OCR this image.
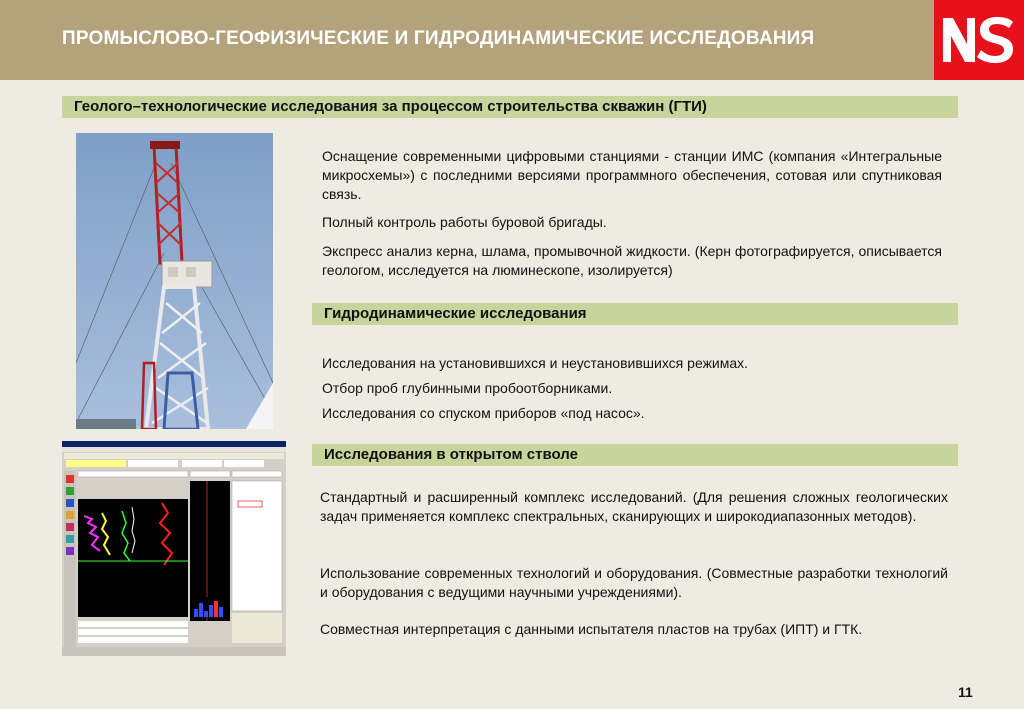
ПРОМЫСЛОВО-ГЕОФИЗИЧЕСКИЕ И ГИДРОДИНАМИЧЕСКИЕ ИССЛЕДОВАНИЯ
Геолого–технологические исследования за процессом строительства скважин (ГТИ)
Оснащение современными цифровыми станциями - станции ИМС (компания «Интегральные микросхемы») с последними версиями программного обеспечения, сотовая или спутниковая связь.
Полный контроль работы буровой бригады.
Экспресс анализ керна, шлама, промывочной жидкости. (Керн фотографируется, описывается геологом, исследуется на люминескопе, изолируется)
Гидродинамические исследования
Исследования на установившихся и неустановившихся режимах.
Отбор проб глубинными пробоотборниками.
Исследования со спуском приборов «под насос».
Исследования в открытом стволе
Стандартный и расширенный комплекс исследований. (Для решения сложных геологических задач применяется комплекс спектральных, сканирующих и широкодиапазонных методов).
Использование современных технологий и оборудования. (Совместные разработки технологий и оборудования с ведущими научными учреждениями).
Совместная интерпретация с данными испытателя пластов на трубах (ИПТ) и ГТК.
11
